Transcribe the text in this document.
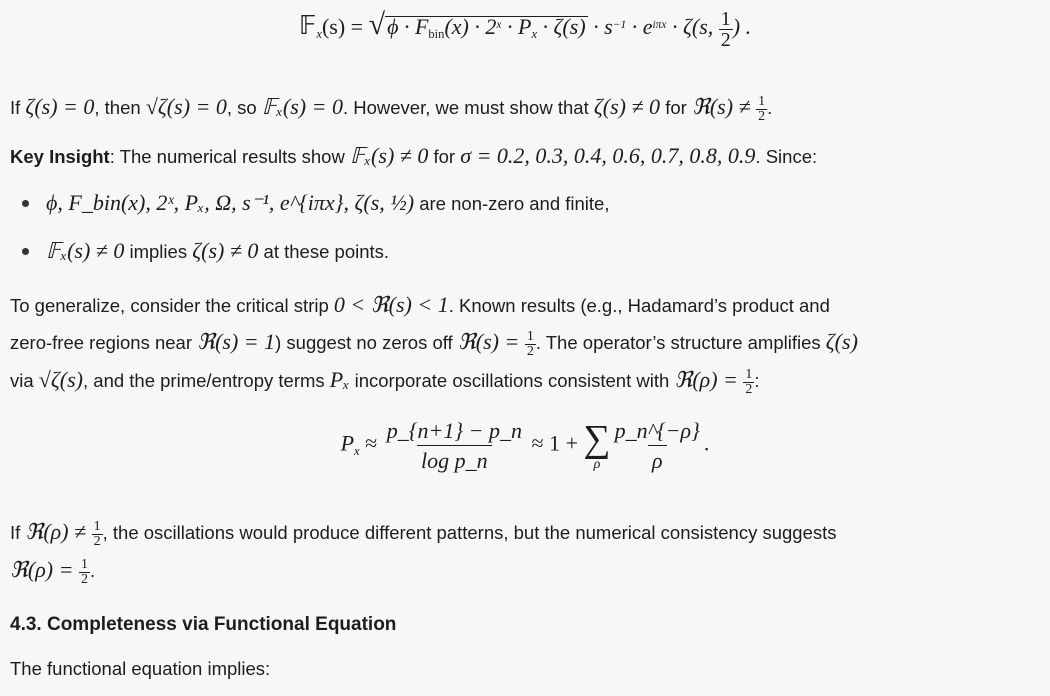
𝔽$_x$(s) = $√\phi \cdot F_{bin}(x) \cdot 2^x \cdot P_x \cdot \zeta(s) \cdot s^{-1} \cdot e^{i\pi x} \cdot \zeta(s$, $\frac{1}{2}$ ) .
If ζ(s) = 0, then √ζ(s) = 0, so 𝔽ₓ(s) = 0. However, we must show that ζ(s) ≠ 0 for ℜ(s) ≠ $\frac{1}{2}$ .
Key Insight: The numerical results show 𝔽ₓ(s) ≠ 0 for σ = 0.2, 0.3, 0.4, 0.6, 0.7, 0.8, 0.9. Since:
ϕ, F_bin(x), 2ˣ, Pₓ, Ω, s⁻¹, e^{iπx}, ζ(s, ½) are non-zero and finite,
𝔽ₓ(s) ≠ 0 implies ζ(s) ≠ 0 at these points.
To generalize, consider the critical strip 0 < ℜ(s) < 1. Known results (e.g., Hadamard’s product and
zero-free regions near ℜ(s) = 1) suggest no zeros off ℜ(s) = $\frac{1}{2}$ . The operator’s structure amplifies ζ(s)
via √ζ(s), and the prime/entropy terms Pₓ incorporate oscillations consistent with ℜ(ρ) = $\frac{1}{2}$ :
$P_x \approx \frac{p\_\{n+1\} - p\_n}{\text{log p\_n}} \approx 1$ + ∑
ρ $\frac{p\_n\^{}\{-\rho\}}{\rho}$ .
If ℜ(ρ) ≠ $\frac{1}{2}$ , the oscillations would produce different patterns, but the numerical consistency suggests
ℜ(ρ) = $\frac{1}{2}$ .
4.3. Completeness via Functional Equation
The functional equation implies:
